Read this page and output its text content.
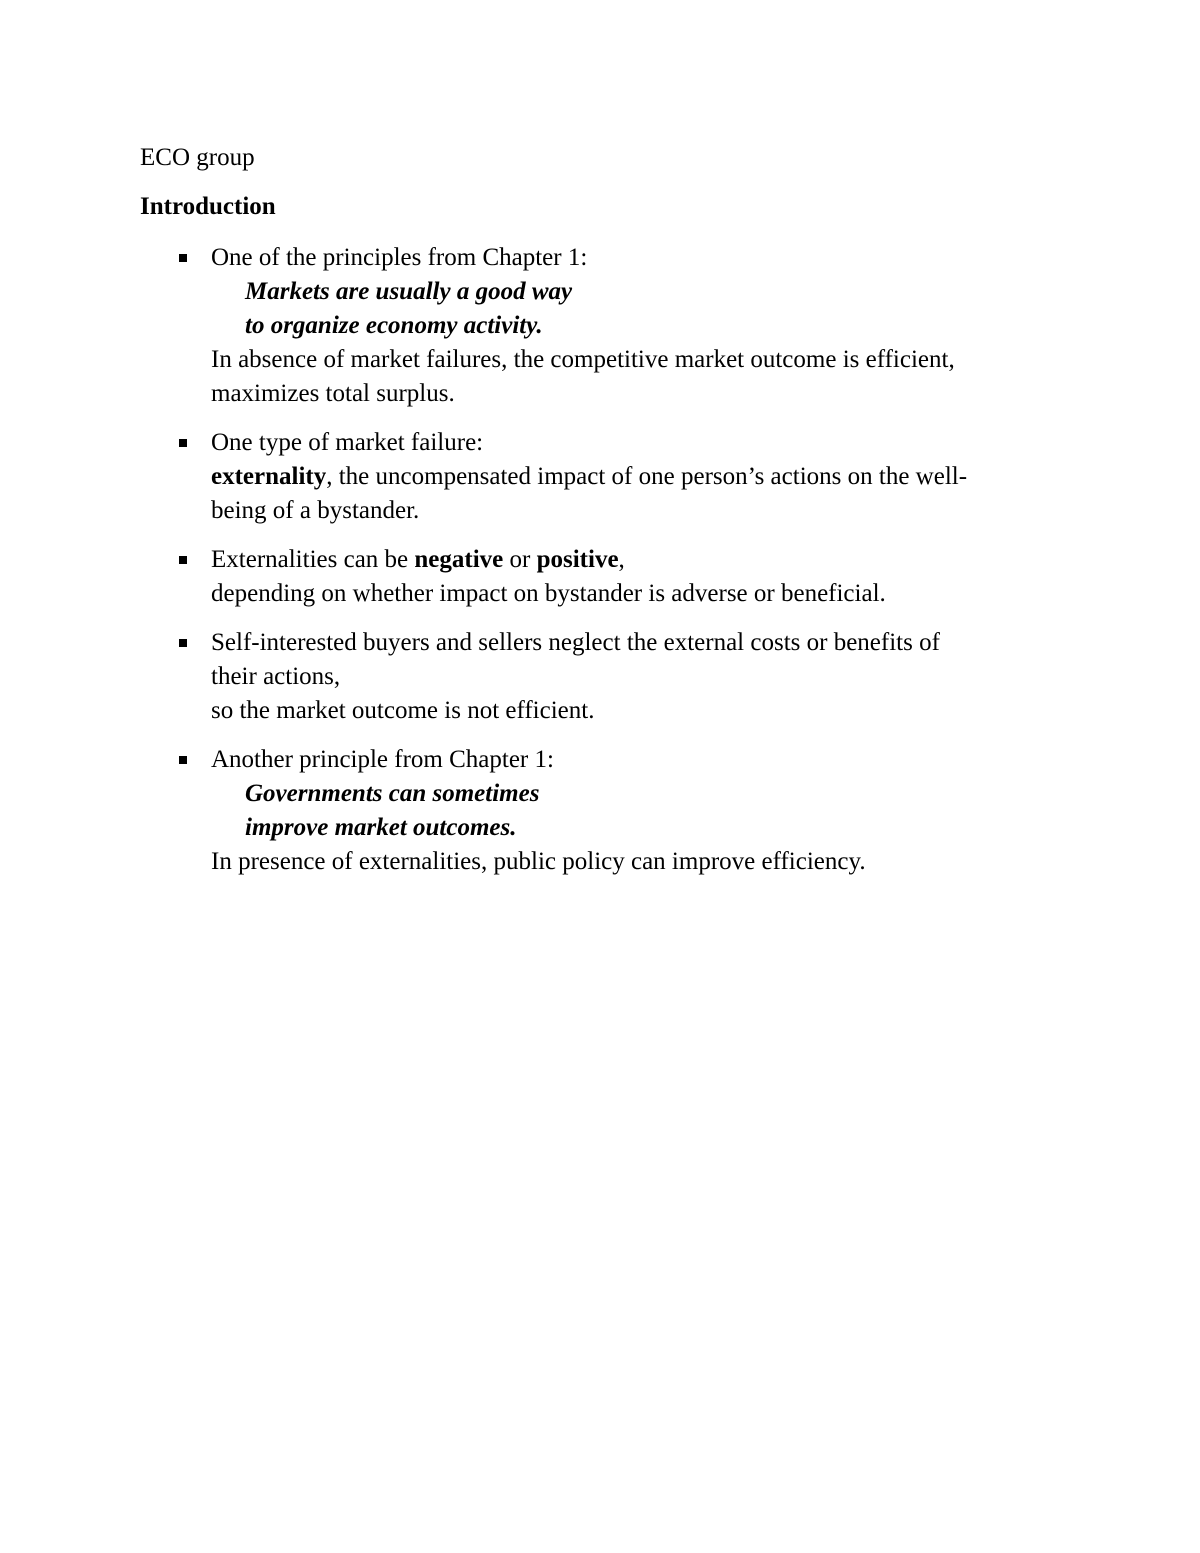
ECO group

Introduction
One of the principles from Chapter 1:
Markets are usually a good way
to organize economy activity.
In absence of market failures, the competitive market outcome is efficient,
maximizes total surplus.
One type of market failure:
externality, the uncompensated impact of one person’s actions on the well-
being of a bystander.
Externalities can be negative or positive,
depending on whether impact on bystander is adverse or beneficial.
Self-interested buyers and sellers neglect the external costs or benefits of
their actions,
so the market outcome is not efficient.
Another principle from Chapter 1:
Governments can sometimes
improve market outcomes.
In presence of externalities, public policy can improve efficiency.
